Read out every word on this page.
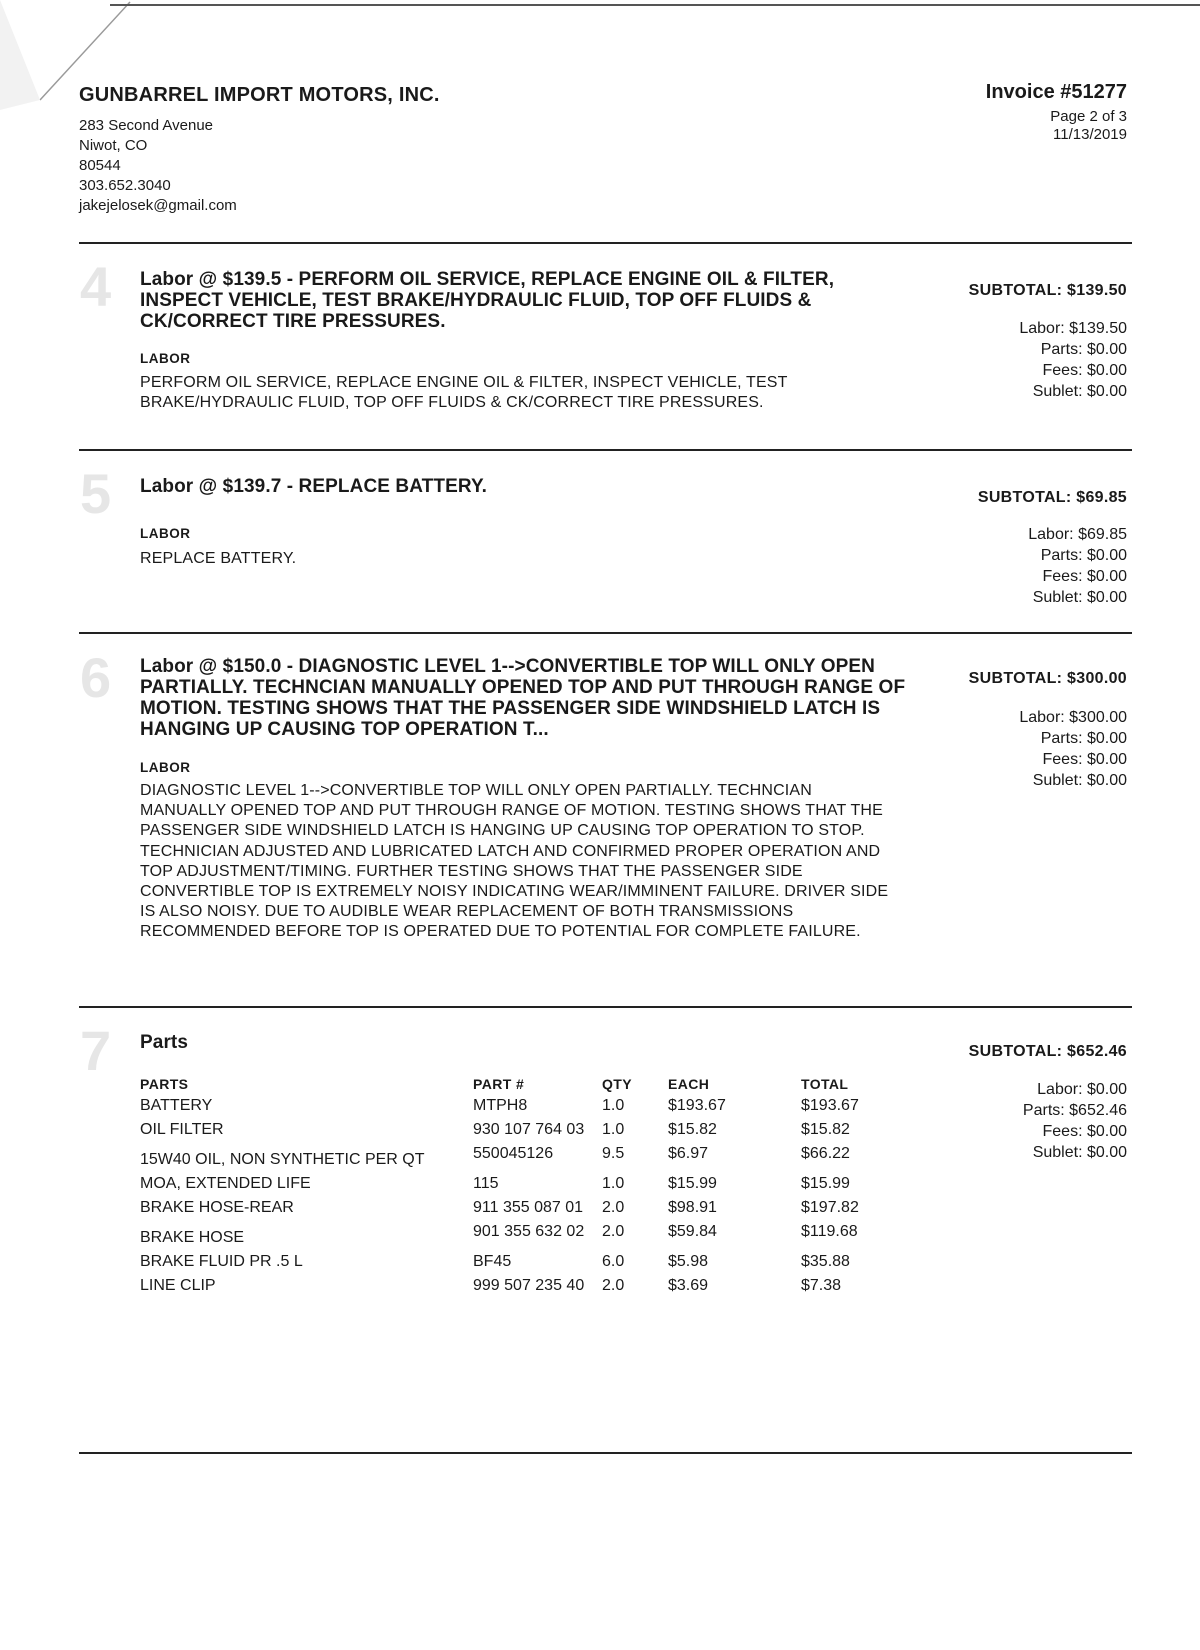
GUNBARREL IMPORT MOTORS, INC.
283 Second Avenue
Niwot, CO
80544
303.652.3040
jakejelosek@gmail.com
Invoice #51277
Page 2 of 3
11/13/2019
4 Labor @ $139.5 - PERFORM OIL SERVICE, REPLACE ENGINE OIL & FILTER, INSPECT VEHICLE, TEST BRAKE/HYDRAULIC FLUID, TOP OFF FLUIDS & CK/CORRECT TIRE PRESSURES.
LABOR
PERFORM OIL SERVICE, REPLACE ENGINE OIL & FILTER, INSPECT VEHICLE, TEST BRAKE/HYDRAULIC FLUID, TOP OFF FLUIDS & CK/CORRECT TIRE PRESSURES.
SUBTOTAL: $139.50
Labor: $139.50
Parts: $0.00
Fees: $0.00
Sublet: $0.00
5 Labor @ $139.7 - REPLACE BATTERY.
LABOR
REPLACE BATTERY.
SUBTOTAL: $69.85
Labor: $69.85
Parts: $0.00
Fees: $0.00
Sublet: $0.00
6 Labor @ $150.0 - DIAGNOSTIC LEVEL 1-->CONVERTIBLE TOP WILL ONLY OPEN PARTIALLY. TECHNCIAN MANUALLY OPENED TOP AND PUT THROUGH RANGE OF MOTION. TESTING SHOWS THAT THE PASSENGER SIDE WINDSHIELD LATCH IS HANGING UP CAUSING TOP OPERATION T...
LABOR
DIAGNOSTIC LEVEL 1-->CONVERTIBLE TOP WILL ONLY OPEN PARTIALLY. TECHNCIAN MANUALLY OPENED TOP AND PUT THROUGH RANGE OF MOTION. TESTING SHOWS THAT THE PASSENGER SIDE WINDSHIELD LATCH IS HANGING UP CAUSING TOP OPERATION TO STOP. TECHNICIAN ADJUSTED AND LUBRICATED LATCH AND CONFIRMED PROPER OPERATION AND TOP ADJUSTMENT/TIMING. FURTHER TESTING SHOWS THAT THE PASSENGER SIDE CONVERTIBLE TOP IS EXTREMELY NOISY INDICATING WEAR/IMMINENT FAILURE. DRIVER SIDE IS ALSO NOISY. DUE TO AUDIBLE WEAR REPLACEMENT OF BOTH TRANSMISSIONS RECOMMENDED BEFORE TOP IS OPERATED DUE TO POTENTIAL FOR COMPLETE FAILURE.
SUBTOTAL: $300.00
Labor: $300.00
Parts: $0.00
Fees: $0.00
Sublet: $0.00
7 Parts	SUBTOTAL: $652.46
Labor: $0.00
Parts: $652.46
Fees: $0.00
Sublet: $0.00
PARTS	PART #	QTY	EACH	TOTAL
BATTERY	MTPH8	1.0	$193.67	$193.67
OIL FILTER	930 107 764 03	1.0	$15.82	$15.82
15W40 OIL, NON SYNTHETIC PER QT	550045126	9.5	$6.97	$66.22
MOA, EXTENDED LIFE	115	1.0	$15.99	$15.99
BRAKE HOSE-REAR	911 355 087 01	2.0	$98.91	$197.82
BRAKE HOSE	901 355 632 02	2.0	$59.84	$119.68
BRAKE FLUID PR .5 L	BF45	6.0	$5.98	$35.88
LINE CLIP	999 507 235 40	2.0	$3.69	$7.38
